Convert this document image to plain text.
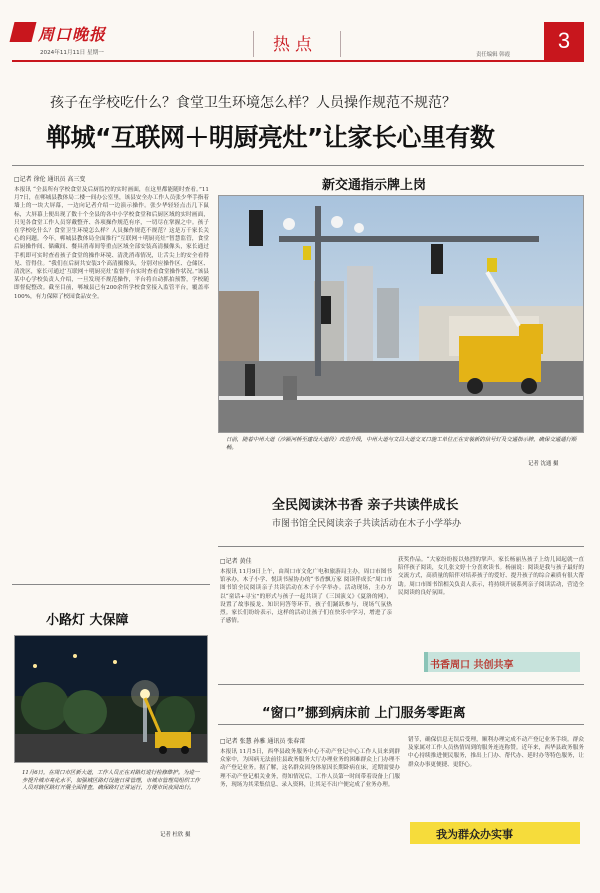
周口晚报
2024年11月11日 星期一	热点	责任编辑 韩霞
3
孩子在学校吃什么？食堂卫生环境怎么样？人员操作规范不规范？
郸城“互联网＋明厨亮灶”让家长心里有数
□记者 徐伦 通讯员 高三变
本报讯 “全县所有学校食堂及后厨监控的实时画面，在这里都能随时查看。”11月7日，在郸城县教体局二楼一间办公室里，该县安全办工作人员张少华手指着墙上的一块大屏幕，一边向记者介绍一边演示操作。张少华轻轻点击几下鼠标，大屏幕上便出现了数十个全县的各中小学校食堂和后厨区域的实时画面，只见各食堂工作人员穿戴整齐、各项操作规范有序，一切尽在掌握之中。孩子在学校吃什么？食堂卫生环境怎么样？人员操作规范不规范？这是万千家长关心的问题。今年，郸城县教体局全面推行“互联网＋明厨亮灶”智慧监管，食堂后厨操作间、储藏间、餐具消毒间等重点区域全部安装高清摄像头，家长通过手机即可实时查看孩子食堂的操作环境、清洗消毒情况，让舌尖上的安全看得见、管得住。“我们在后厨共安装3个高清摄像头，分别对应操作区、仓储区、清洗区，家长可通过‘互联网＋明厨亮灶’监督平台实时查看食堂操作状况。”该县某中心学校负责人介绍，一旦发现不规范操作，平台将自动抓拍预警，学校随即督促整改。截至目前，郸城县已有200余所学校食堂接入监管平台，覆盖率100%，有力保障了校园食品安全。
新交通指示牌上岗
日前，随着中州大道（沙颍河桥至建设大道段）改造升级，中州大道与文昌大道交叉口施工单位正在安装新的信号灯及交通指示牌，确保交通通行顺畅。
记者 沈通 摄
全民阅读沐书香 亲子共读伴成长
市图书馆全民阅读亲子共读活动在木子小学举办
□记者 黄佳
本报讯 11月9日上午，由周口市文化广电和旅游局主办，周口市图书馆承办，木子小学、悦读书屋协办的“书香飘万家 阅读伴成长”周口市图书馆全民阅读亲子共读活动在木子小学举办。活动现场，主办方以“童话+寻宝”的形式与孩子一起共读了《三国演义》《夏洛的网》，设置了故事接龙、知识问答等环节，孩子们踊跃参与，现场气氛热烈。家长们纷纷表示，这样的活动让孩子们在快乐中学习，增进了亲子感情。
获奖作品。“大家纷纷报以热烈的掌声。家长杨丽丛孩子上幼儿园起就一直陪伴孩子阅读，女儿张文婷十分喜欢读书。杨丽说：阅读是我与孩子最好的交流方式，高质量的陪伴对培养孩子的爱好、提升孩子的综合素质有很大帮助。周口市图书馆相关负责人表示，将持续开展系列亲子阅读活动，营造全民阅读的良好氛围。
书香周口 共创共享
小路灯 大保障
11月6日，在周口市区新大道，工作人员正在对路灯进行检修维护。为进一步提升城市亮化水平，加强城区路灯设施日常管理，市城市管理局组织工作人员对辖区路灯开展全面排查，确保路灯正常运行，方便市民夜间出行。
记者 杜欣 摄
“窗口”挪到病床前 上门服务零距离
□记者 张慧 孙雅 通讯员 张春雷
本报讯 11月5日，西华县政务服务中心不动产登记中心工作人员来到群众家中，为因病无法前往县政务服务大厅办理业务的困难群众上门办理不动产登记业务。据了解，这名群众因身体原因长期卧病在床，近期需要办理不动产登记相关业务，得知情况后，工作人员第一时间带着设备上门服务，现场为其采集信息、录入资料，让其足不出户便完成了业务办理。
错节，确保信息无误后受理，顺利办理完成不动产登记业务手续。群众及家属对工作人员热情周到的服务连连称赞。近年来，西华县政务服务中心持续推进便民服务，推出上门办、帮代办、延时办等特色服务，让群众办事更便捷、更舒心。
我为群众办实事
